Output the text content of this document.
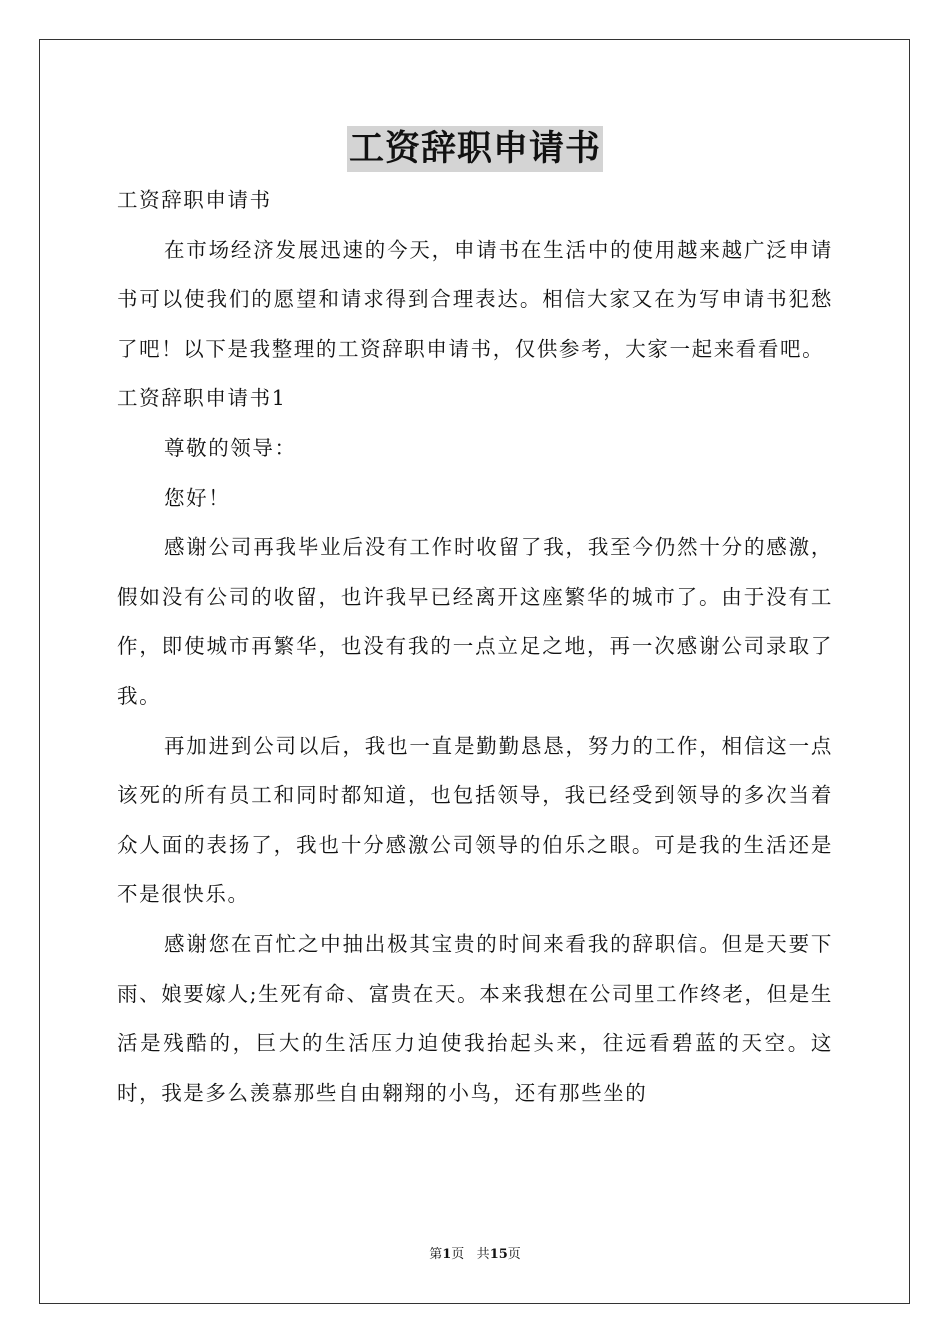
工资辞职申请书

工资辞职申请书

在市场经济发展迅速的今天，申请书在生活中的使用越来越广泛申请书可以使我们的愿望和请求得到合理表达。相信大家又在为写申请书犯愁了吧！以下是我整理的工资辞职申请书，仅供参考，大家一起来看看吧。

工资辞职申请书1

尊敬的领导：

您好！

感谢公司再我毕业后没有工作时收留了我，我至今仍然十分的感激，假如没有公司的收留，也许我早已经离开这座繁华的城市了。由于没有工作，即使城市再繁华，也没有我的一点立足之地，再一次感谢公司录取了我。

再加进到公司以后，我也一直是勤勤恳恳，努力的工作，相信这一点该死的所有员工和同时都知道，也包括领导，我已经受到领导的多次当着众人面的表扬了，我也十分感激公司领导的伯乐之眼。可是我的生活还是不是很快乐。

感谢您在百忙之中抽出极其宝贵的时间来看我的辞职信。但是天要下雨、娘要嫁人;生死有命、富贵在天。本来我想在公司里工作终老，但是生活是残酷的，巨大的生活压力迫使我抬起头来，往远看碧蓝的天空。这时，我是多么羡慕那些自由翱翔的小鸟，还有那些坐的

第1页 共15页
